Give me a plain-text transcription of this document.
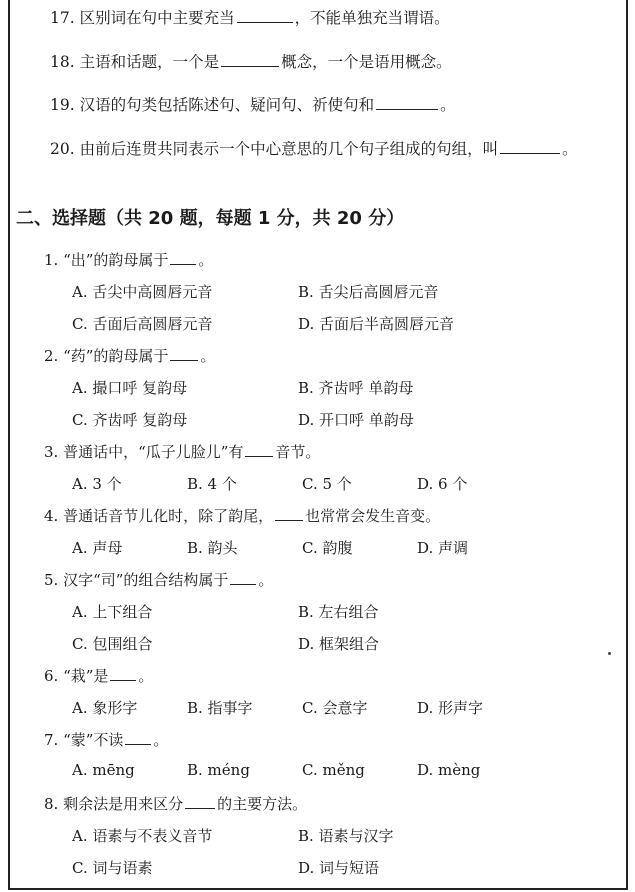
17. 区别词在句中主要充当	，不能单独充当谓语。
18. 主语和话题，一个是	概念，一个是语用概念。
19. 汉语的句类包括陈述句、疑问句、祈使句和	。
20. 由前后连贯共同表示一个中心意思的几个句子组成的句组，叫	。
二、选择题（共 20 题，每题 1 分，共 20 分）
1. “出”的韵母属于 。
A. 舌尖中高圆唇元音	B. 舌尖后高圆唇元音
C. 舌面后高圆唇元音	D. 舌面后半高圆唇元音
2. “药”的韵母属于 。
A. 撮口呼 复韵母	B. 齐齿呼 单韵母
C. 齐齿呼 复韵母	D. 开口呼 单韵母
3. 普通话中，“瓜子儿脸儿”有 音节。
A. 3 个	B. 4 个	C. 5 个	D. 6 个
4. 普通话音节儿化时，除了韵尾， 也常常会发生音变。
A. 声母	B. 韵头	C. 韵腹	D. 声调
5. 汉字“司”的组合结构属于 。
A. 上下组合	B. 左右组合
C. 包围组合	D. 框架组合
6. “栽”是 。
A. 象形字	B. 指事字	C. 会意字	D. 形声字
7. “蒙”不读 。
A. mēng	B. méng	C. měng	D. mèng
8. 剩余法是用来区分 的主要方法。
A. 语素与不表义音节	B. 语素与汉字
C. 词与语素	D. 词与短语
